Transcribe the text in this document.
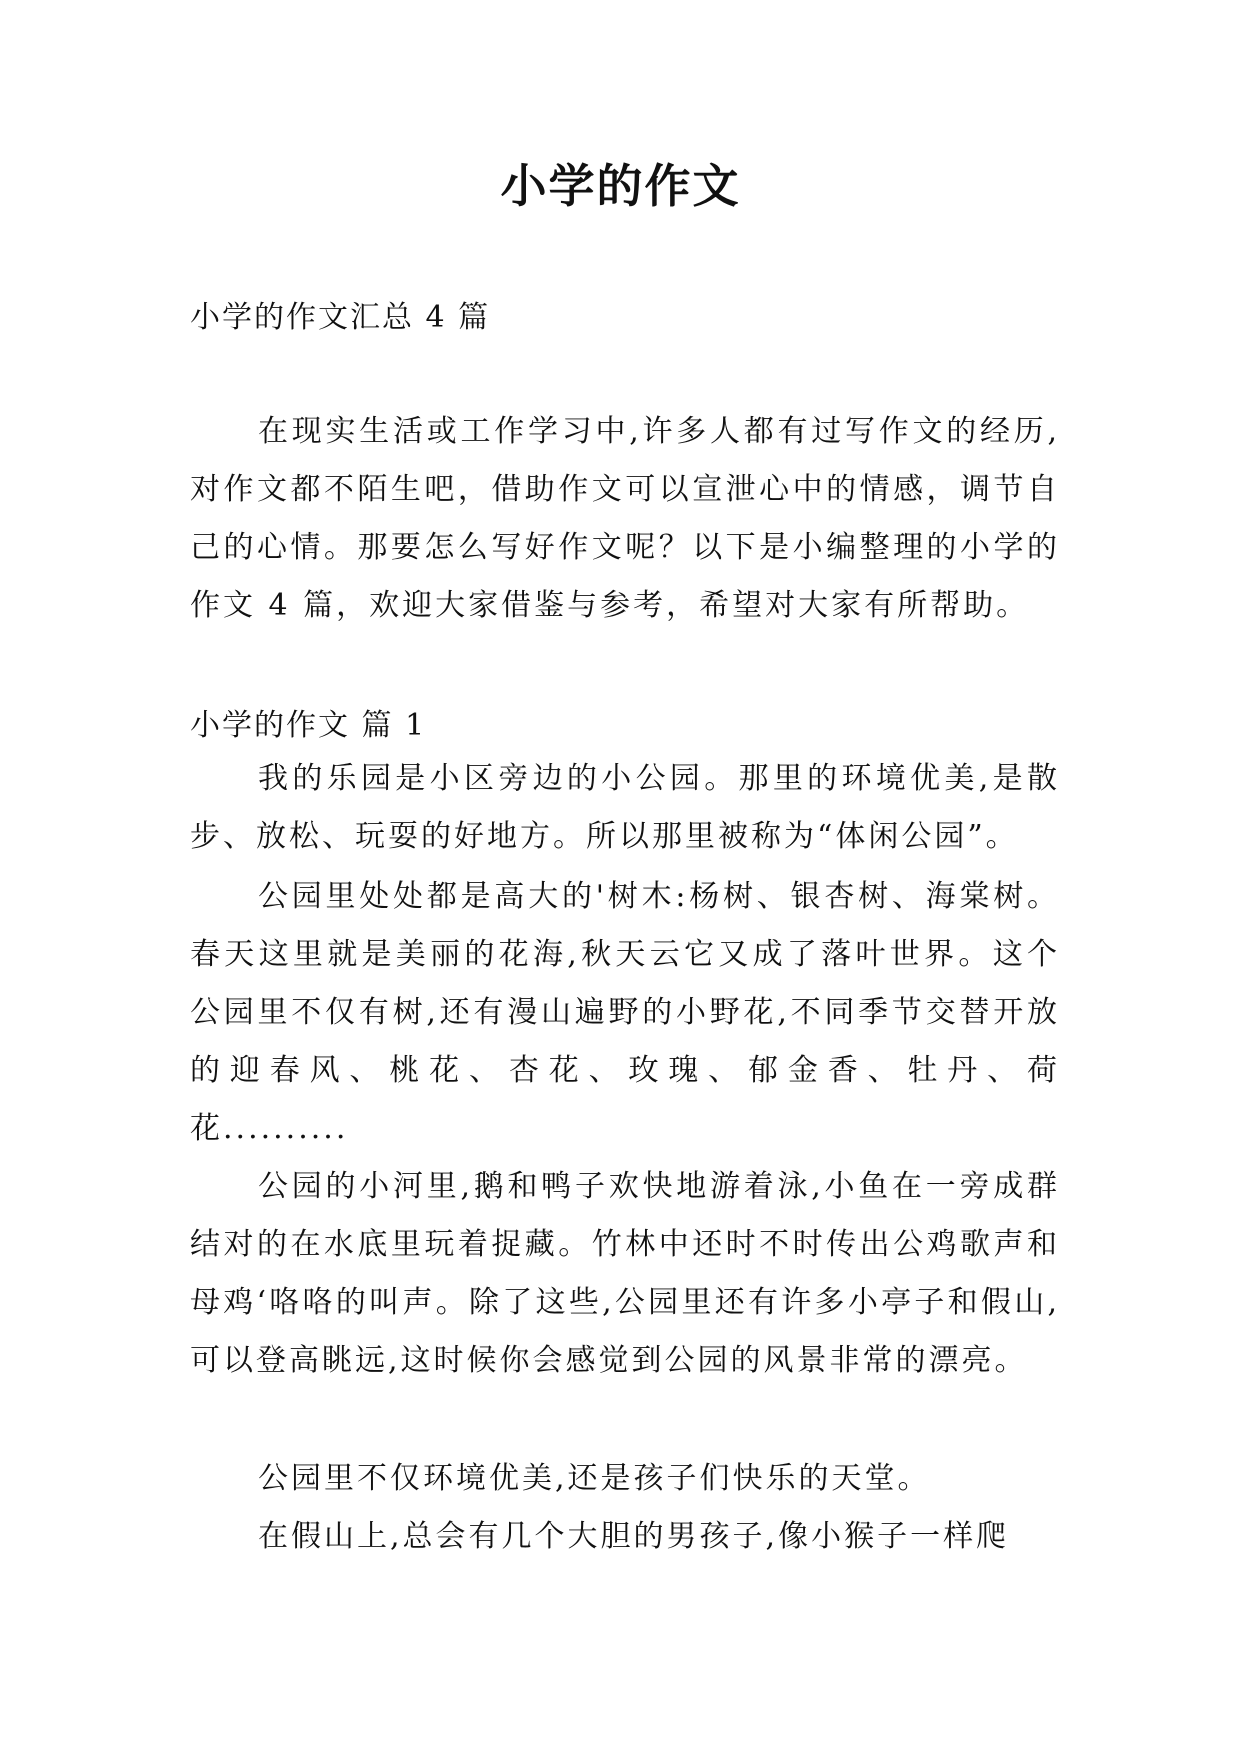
小学的作文
小学的作文汇总 4 篇

在现实生活或工作学习中,许多人都有过写作文的经历,对作文都不陌生吧，借助作文可以宣泄心中的情感，调节自己的心情。那要怎么写好作文呢？以下是小编整理的小学的作文 4 篇，欢迎大家借鉴与参考，希望对大家有所帮助。

小学的作文 篇 1

我的乐园是小区旁边的小公园。那里的环境优美,是散步、放松、玩耍的好地方。所以那里被称为“体闲公园”。

公园里处处都是高大的'树木:杨树、银杏树、海棠树。春天这里就是美丽的花海,秋天云它又成了落叶世界。这个公园里不仅有树,还有漫山遍野的小野花,不同季节交替开放的迎春风、桃花、杏花、玫瑰、郁金香、牡丹、荷花..........

公园的小河里,鹅和鸭子欢快地游着泳,小鱼在一旁成群结对的在水底里玩着捉藏。竹林中还时不时传出公鸡歌声和母鸡‘咯咯的叫声。除了这些,公园里还有许多小亭子和假山,可以登高眺远,这时候你会感觉到公园的风景非常的漂亮。

公园里不仅环境优美,还是孩子们快乐的天堂。

在假山上,总会有几个大胆的男孩子,像小猴子一样爬
